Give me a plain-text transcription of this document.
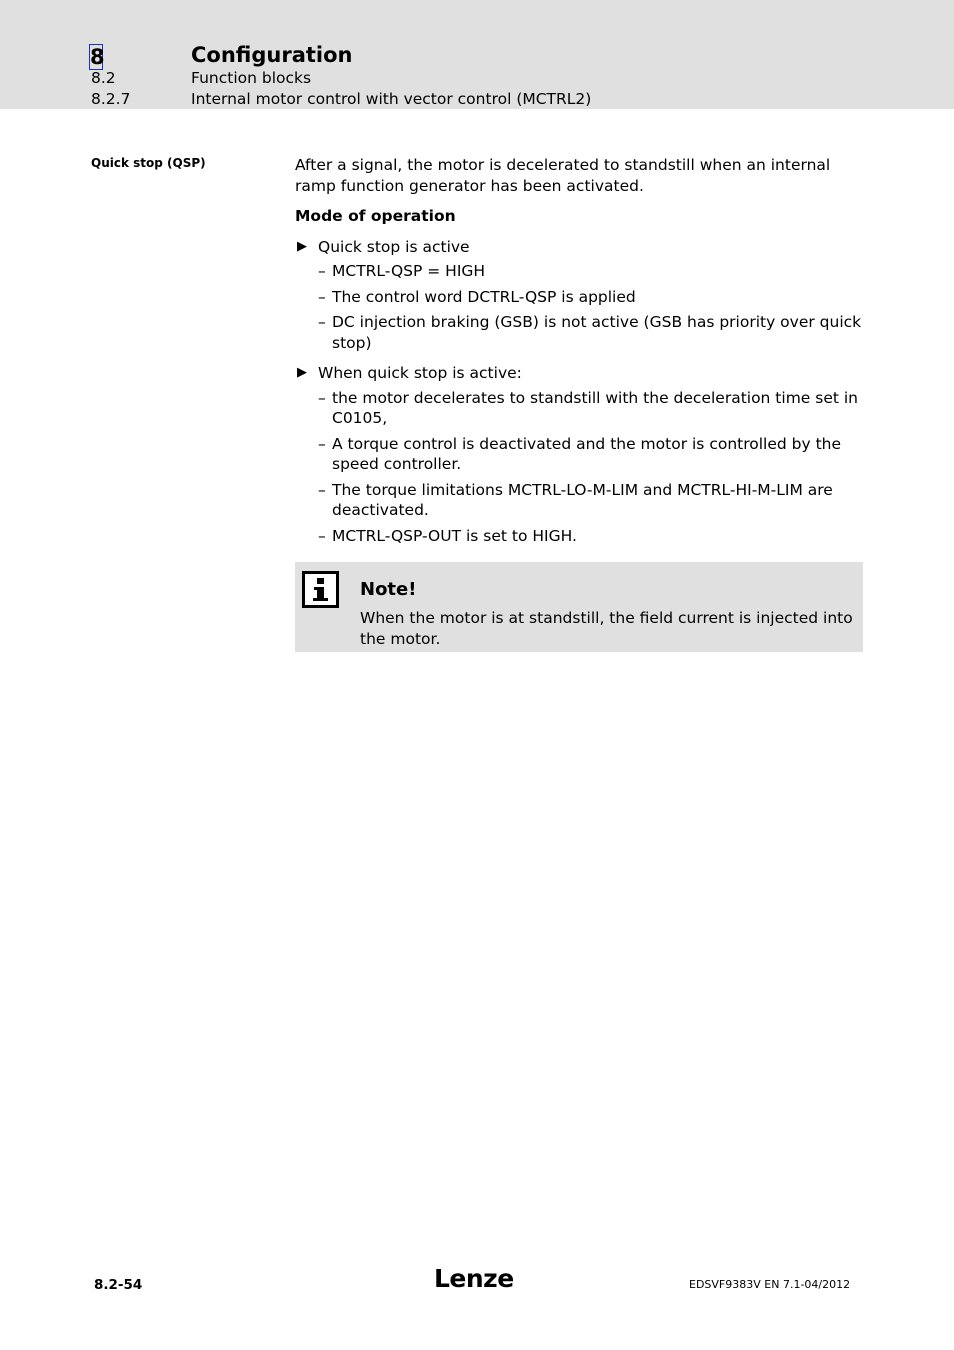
8	Configuration
8.2	Function blocks
8.2.7	Internal motor control with vector control (MCTRL2)
Quick stop (QSP)	After a signal, the motor is decelerated to standstill when an internal ramp function generator has been activated.

Mode of operation

▶ Quick stop is active
– MCTRL-QSP = HIGH
– The control word DCTRL-QSP is applied
– DC injection braking (GSB) is not active (GSB has priority over quick stop)
▶ When quick stop is active:
– the motor decelerates to standstill with the deceleration time set in C0105,
– A torque control is deactivated and the motor is controlled by the speed controller.
– The torque limitations MCTRL-LO-M-LIM and MCTRL-HI-M-LIM are deactivated.
– MCTRL-QSP-OUT is set to HIGH.
Note!
When the motor is at standstill, the field current is injected into the motor.
8.2-54	Lenze	EDSVF9383V EN 7.1-04/2012
